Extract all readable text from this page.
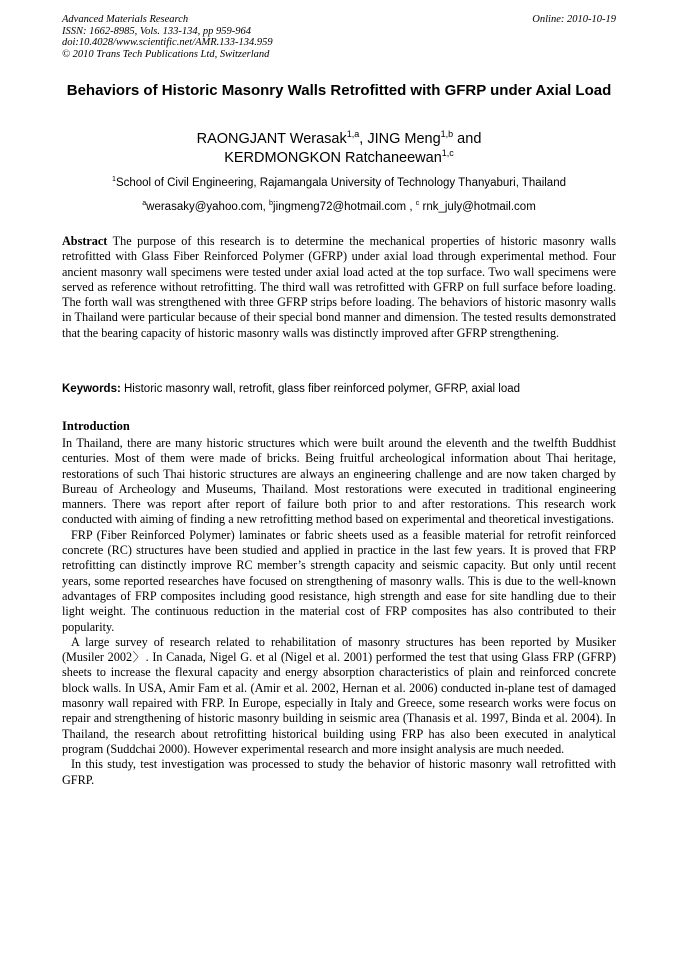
Advanced Materials Research
ISSN: 1662-8985, Vols. 133-134, pp 959-964
doi:10.4028/www.scientific.net/AMR.133-134.959
© 2010 Trans Tech Publications Ltd, Switzerland
Online: 2010-10-19
Behaviors of Historic Masonry Walls Retrofitted with GFRP under Axial Load
RAONGJANT Werasak$^{1,a}$, JING Meng$^{1,b}$ and
KERDMONGKON Ratchaneewan$^{1,c}$
$^1$School of Civil Engineering, Rajamangala University of Technology Thanyaburi, Thailand
$^a$werasaky@yahoo.com, $^b$jingmeng72@hotmail.com , $^c$ rnk_july@hotmail.com
Abstract The purpose of this research is to determine the mechanical properties of historic masonry walls retrofitted with Glass Fiber Reinforced Polymer (GFRP) under axial load through experimental method. Four ancient masonry wall specimens were tested under axial load acted at the top surface. Two wall specimens were served as reference without retrofitting. The third wall was retrofitted with GFRP on full surface before loading. The forth wall was strengthened with three GFRP strips before loading. The behaviors of historic masonry walls in Thailand were particular because of their special bond manner and dimension. The tested results demonstrated that the bearing capacity of historic masonry walls was distinctly improved after GFRP strengthening.
Keywords: Historic masonry wall, retrofit, glass fiber reinforced polymer, GFRP, axial load
Introduction

In Thailand, there are many historic structures which were built around the eleventh and the twelfth Buddhist centuries. Most of them were made of bricks. Being fruitful archeological information about Thai heritage, restorations of such Thai historic structures are always an engineering challenge and are now taken charged by Bureau of Archeology and Museums, Thailand. Most restorations were executed in traditional engineering manners. There was report after report of failure both prior to and after restorations. This research work conducted with aiming of finding a new retrofitting method based on experimental and theoretical investigations.

FRP (Fiber Reinforced Polymer) laminates or fabric sheets used as a feasible material for retrofit reinforced concrete (RC) structures have been studied and applied in practice in the last few years. It is proved that FRP retrofitting can distinctly improve RC member’s strength capacity and seismic capacity. But only until recent years, some reported researches have focused on strengthening of masonry walls. This is due to the well-known advantages of FRP composites including good resistance, high strength and ease for site handling due to their light weight. The continuous reduction in the material cost of FRP composites has also contributed to their popularity.

A large survey of research related to rehabilitation of masonry structures has been reported by Musiker (Musiler 2002〉. In Canada, Nigel G. et al (Nigel et al. 2001) performed the test that using Glass FRP (GFRP) sheets to increase the flexural capacity and energy absorption characteristics of plain and reinforced concrete block walls. In USA, Amir Fam et al. (Amir et al. 2002, Hernan et al. 2006) conducted in-plane test of damaged masonry wall repaired with FRP. In Europe, especially in Italy and Greece, some research works were focus on repair and strengthening of historic masonry building in seismic area (Thanasis et al. 1997, Binda et al. 2004). In Thailand, the research about retrofitting historical building using FRP has also been executed in analytical program (Suddchai 2000). However experimental research and more insight analysis are much needed.

In this study, test investigation was processed to study the behavior of historic masonry wall retrofitted with GFRP.
